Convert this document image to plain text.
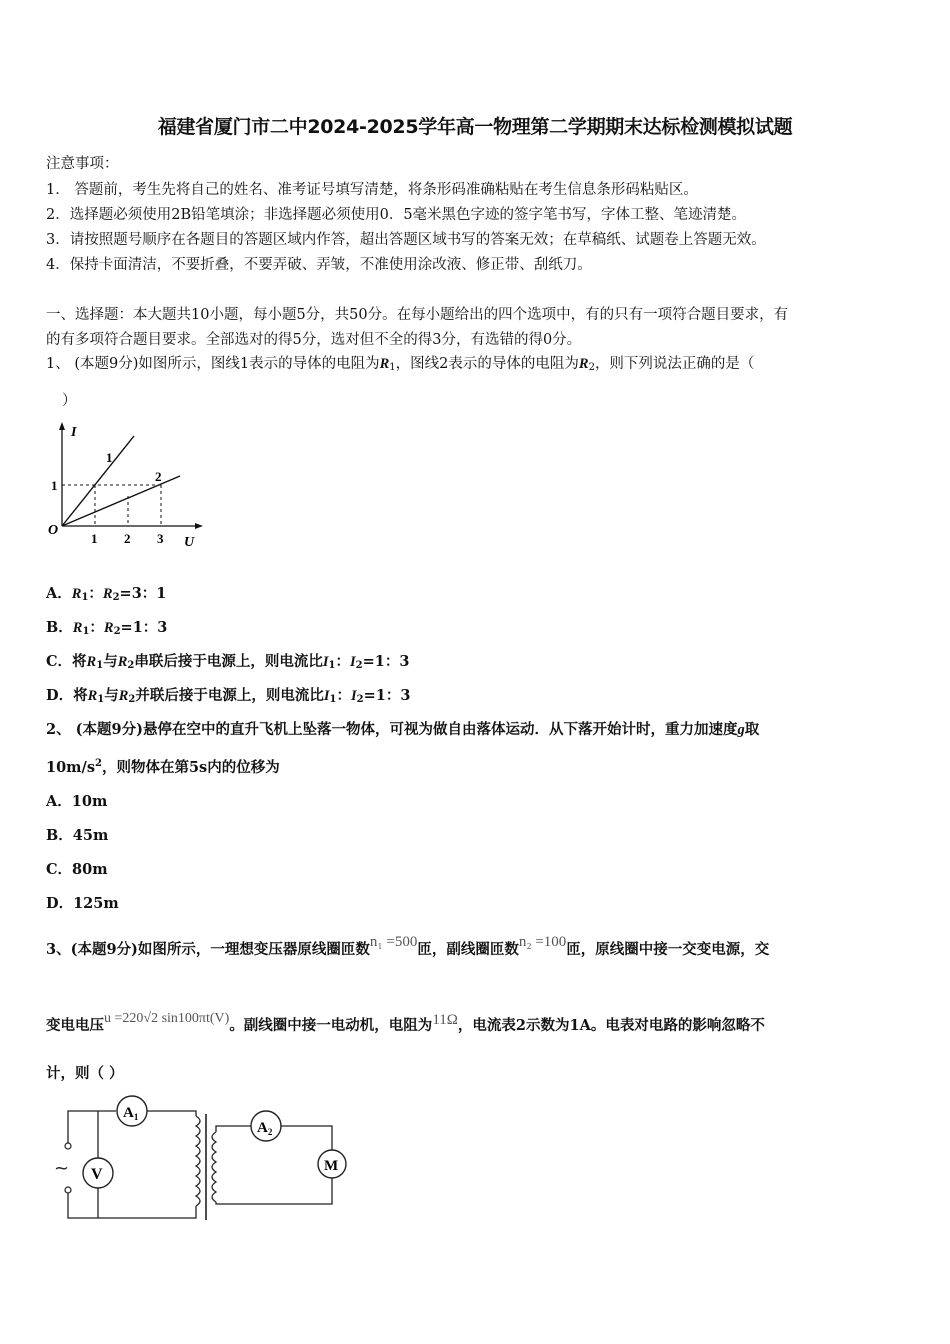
福建省厦门市二中2024-2025学年高一物理第二学期期末达标检测模拟试题
注意事项：
1． 答题前，考生先将自己的姓名、准考证号填写清楚，将条形码准确粘贴在考生信息条形码粘贴区。
2．选择题必须使用2B铅笔填涂；非选择题必须使用0．5毫米黑色字迹的签字笔书写，字体工整、笔迹清楚。
3．请按照题号顺序在各题目的答题区域内作答，超出答题区域书写的答案无效；在草稿纸、试题卷上答题无效。
4．保持卡面清洁，不要折叠，不要弄破、弄皱，不准使用涂改液、修正带、刮纸刀。
一、选择题：本大题共10小题，每小题5分，共50分。在每小题给出的四个选项中，有的只有一项符合题目要求，有
的有多项符合题目要求。全部选对的得5分，选对但不全的得3分，有选错的得0分。
1、 (本题9分)如图所示，图线1表示的导体的电阻为$R_1$，图线2表示的导体的电阻为$R_2$，则下列说法正确的是（
）
I
U
O
1 2 3
1
1
2
A．$R_1$：$R_2=3$：1
B．$R_1$：$R_2=1$：3
C．将$R_1$与$R_2$串联后接于电源上，则电流比$I_1$：$I_2=1$：3
D．将$R_1$与$R_2$并联后接于电源上，则电流比$I_1$：$I_2=1$：3
2、 (本题9分)悬停在空中的直升飞机上坠落一物体，可视为做自由落体运动．从下落开始计时，重力加速度g取
$10m/s^2$，则物体在第5s内的位移为
A．10m
B．45m
C．80m
D．125m
3、(本题9分)如图所示，一理想变压器原线圈匝数n₁ =500匝，副线圈匝数n₂ =100匝，原线圈中接一交变电源，交
变电电压u =220√2 sin100πt(V)。副线圈中接一电动机，电阻为11Ω，电流表2示数为1A。电表对电路的影响忽略不
计，则（ ）
~
$A_1$
V
$A_2$
M
